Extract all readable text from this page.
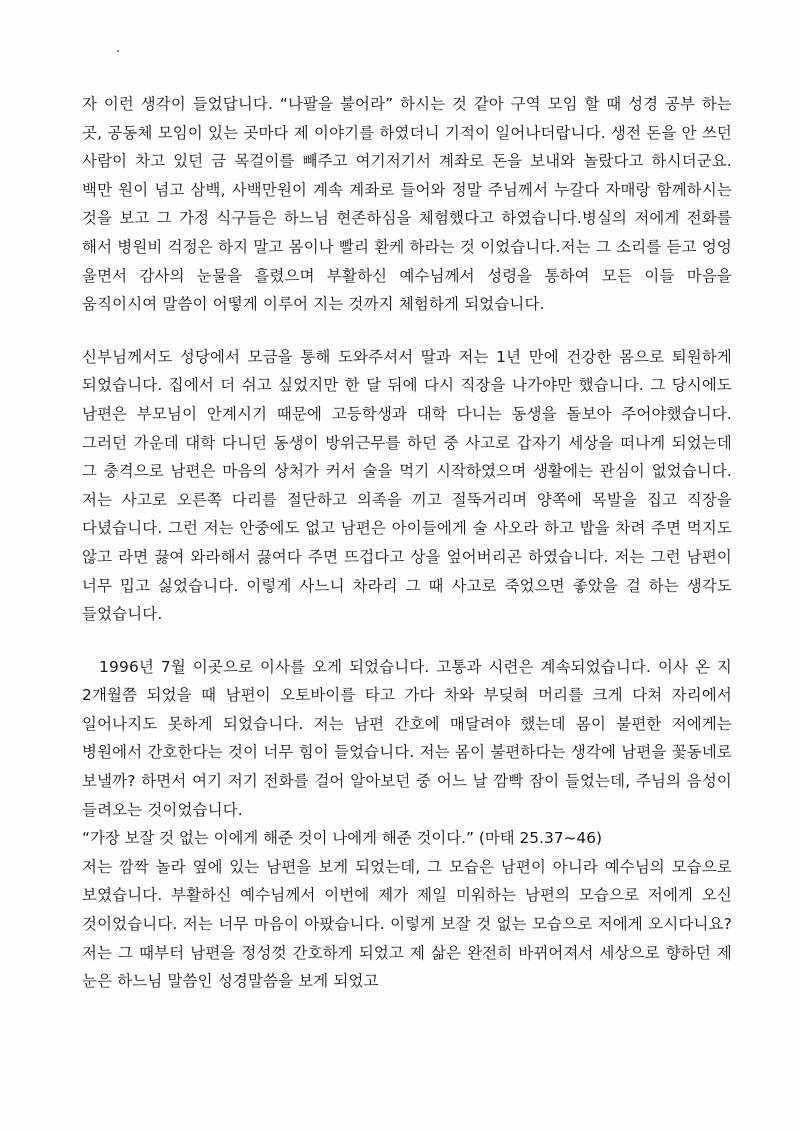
자 이런 생각이 들었답니다. “나팔을 불어라” 하시는 것 같아 구역 모임 할 때 성경 공부 하는 곳, 공동체 모임이 있는 곳마다 제 이야기를 하였더니 기적이 일어나더랍니다. 생전 돈을 안 쓰던 사람이 차고 있던 금 목걸이를 빼주고 여기저기서 계좌로 돈을 보내와 놀랐다고 하시더군요. 백만 원이 넘고 삼백, 사백만원이 계속 계좌로 들어와 정말 주님께서 누갈다 자매랑 함께하시는 것을 보고 그 가정 식구들은 하느님 현존하심을 체험했다고 하였습니다.병실의 저에게 전화를 해서 병원비 걱정은 하지 말고 몸이나 빨리 환케 하라는 것 이었습니다.저는 그 소리를 듣고 엉엉 울면서 감사의 눈물을 흘렸으며 부활하신 예수님께서 성령을 통하여 모든 이들 마음을 움직이시여 말씀이 어떻게 이루어 지는 것까지 체험하게 되었습니다.

신부님께서도 성당에서 모금을 통해 도와주셔서 딸과 저는 1년 만에 건강한 몸으로 퇴원하게 되었습니다. 집에서 더 쉬고 싶었지만 한 달 뒤에 다시 직장을 나가야만 했습니다. 그 당시에도 남편은 부모님이 안계시기 때문에 고등학생과 대학 다니는 동생을 돌보아 주어야했습니다. 그러던 가운데 대학 다니던 동생이 방위근무를 하던 중 사고로 갑자기 세상을 떠나게 되었는데 그 충격으로 남편은 마음의 상처가 커서 술을 먹기 시작하였으며 생활에는 관심이 없었습니다. 저는 사고로 오른쪽 다리를 절단하고 의족을 끼고 절뚝거리며 양쪽에 목발을 집고 직장을 다녔습니다. 그런 저는 안중에도 없고 남편은 아이들에게 술 사오라 하고 밥을 차려 주면 먹지도 않고 라면 끓여 와라해서 끓여다 주면 뜨겁다고 상을 엎어버리곤 하였습니다. 저는 그런 남편이 너무 밉고 싫었습니다. 이렇게 사느니 차라리 그 때 사고로 죽었으면 좋았을 걸 하는 생각도 들었습니다.

1996년 7월 이곳으로 이사를 오게 되었습니다. 고통과 시련은 계속되었습니다. 이사 온 지 2개월쯤 되었을 때 남편이 오토바이를 타고 가다 차와 부딪혀 머리를 크게 다쳐 자리에서 일어나지도 못하게 되었습니다. 저는 남편 간호에 매달려야 했는데 몸이 불편한 저에게는 병원에서 간호한다는 것이 너무 힘이 들었습니다. 저는 몸이 불편하다는 생각에 남편을 꽃동네로 보낼까? 하면서 여기 저기 전화를 걸어 알아보던 중 어느 날 깜빡 잠이 들었는데, 주님의 음성이 들려오는 것이었습니다.

“가장 보잘 것 없는 이에게 해준 것이 나에게 해준 것이다.” (마태 25.37~46)

저는 깜짝 놀라 옆에 있는 남편을 보게 되었는데, 그 모습은 남편이 아니라 예수님의 모습으로 보였습니다. 부활하신 예수님께서 이번에 제가 제일 미워하는 남편의 모습으로 저에게 오신 것이었습니다. 저는 너무 마음이 아팠습니다. 이렇게 보잘 것 없는 모습으로 저에게 오시다니요? 저는 그 때부터 남편을 정성껏 간호하게 되었고 제 삶은 완전히 바뀌어져서 세상으로 향하던 제 눈은 하느님 말씀인 성경말씀을 보게 되었고
